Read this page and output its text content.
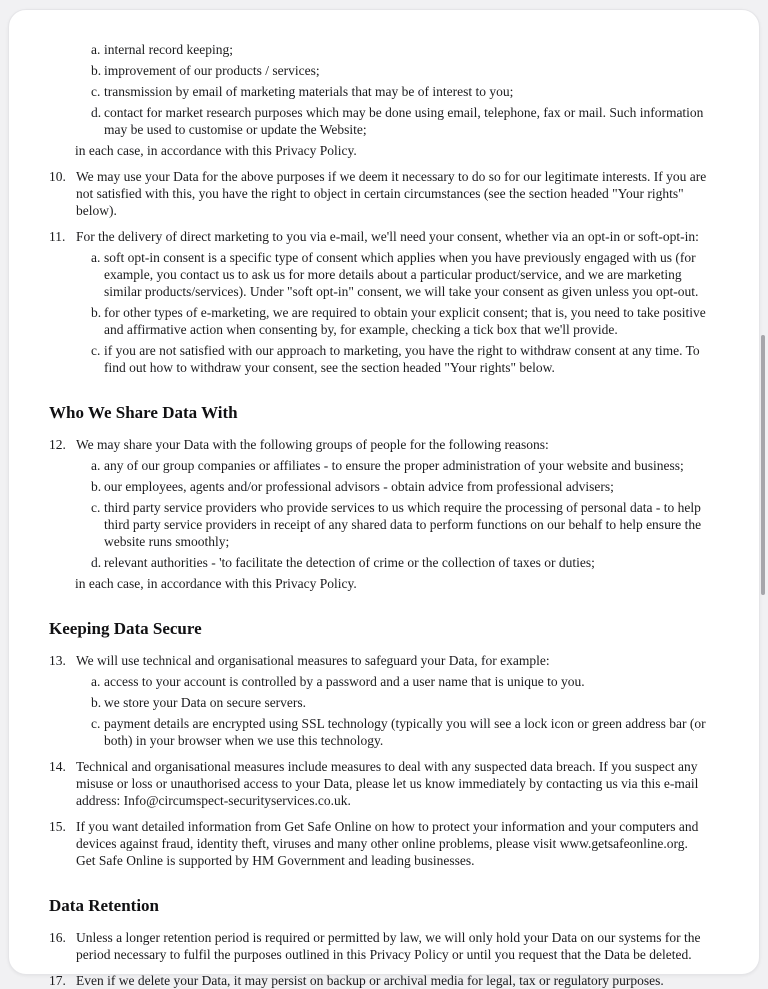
a. internal record keeping;
b. improvement of our products / services;
c. transmission by email of marketing materials that may be of interest to you;
d. contact for market research purposes which may be done using email, telephone, fax or mail. Such information may be used to customise or update the Website;
in each case, in accordance with this Privacy Policy.
10. We may use your Data for the above purposes if we deem it necessary to do so for our legitimate interests. If you are not satisfied with this, you have the right to object in certain circumstances (see the section headed "Your rights" below).
11. For the delivery of direct marketing to you via e-mail, we'll need your consent, whether via an opt-in or soft-opt-in:
a. soft opt-in consent is a specific type of consent which applies when you have previously engaged with us (for example, you contact us to ask us for more details about a particular product/service, and we are marketing similar products/services). Under "soft opt-in" consent, we will take your consent as given unless you opt-out.
b. for other types of e-marketing, we are required to obtain your explicit consent; that is, you need to take positive and affirmative action when consenting by, for example, checking a tick box that we'll provide.
c. if you are not satisfied with our approach to marketing, you have the right to withdraw consent at any time. To find out how to withdraw your consent, see the section headed "Your rights" below.
Who We Share Data With
12. We may share your Data with the following groups of people for the following reasons:
a. any of our group companies or affiliates - to ensure the proper administration of your website and business;
b. our employees, agents and/or professional advisors - obtain advice from professional advisers;
c. third party service providers who provide services to us which require the processing of personal data - to help third party service providers in receipt of any shared data to perform functions on our behalf to help ensure the website runs smoothly;
d. relevant authorities - 'to facilitate the detection of crime or the collection of taxes or duties;
in each case, in accordance with this Privacy Policy.
Keeping Data Secure
13. We will use technical and organisational measures to safeguard your Data, for example:
a. access to your account is controlled by a password and a user name that is unique to you.
b. we store your Data on secure servers.
c. payment details are encrypted using SSL technology (typically you will see a lock icon or green address bar (or both) in your browser when we use this technology.
14. Technical and organisational measures include measures to deal with any suspected data breach. If you suspect any misuse or loss or unauthorised access to your Data, please let us know immediately by contacting us via this e-mail address: Info@circumspect-securityservices.co.uk.
15. If you want detailed information from Get Safe Online on how to protect your information and your computers and devices against fraud, identity theft, viruses and many other online problems, please visit www.getsafeonline.org. Get Safe Online is supported by HM Government and leading businesses.
Data Retention
16. Unless a longer retention period is required or permitted by law, we will only hold your Data on our systems for the period necessary to fulfil the purposes outlined in this Privacy Policy or until you request that the Data be deleted.
17. Even if we delete your Data, it may persist on backup or archival media for legal, tax or regulatory purposes.
